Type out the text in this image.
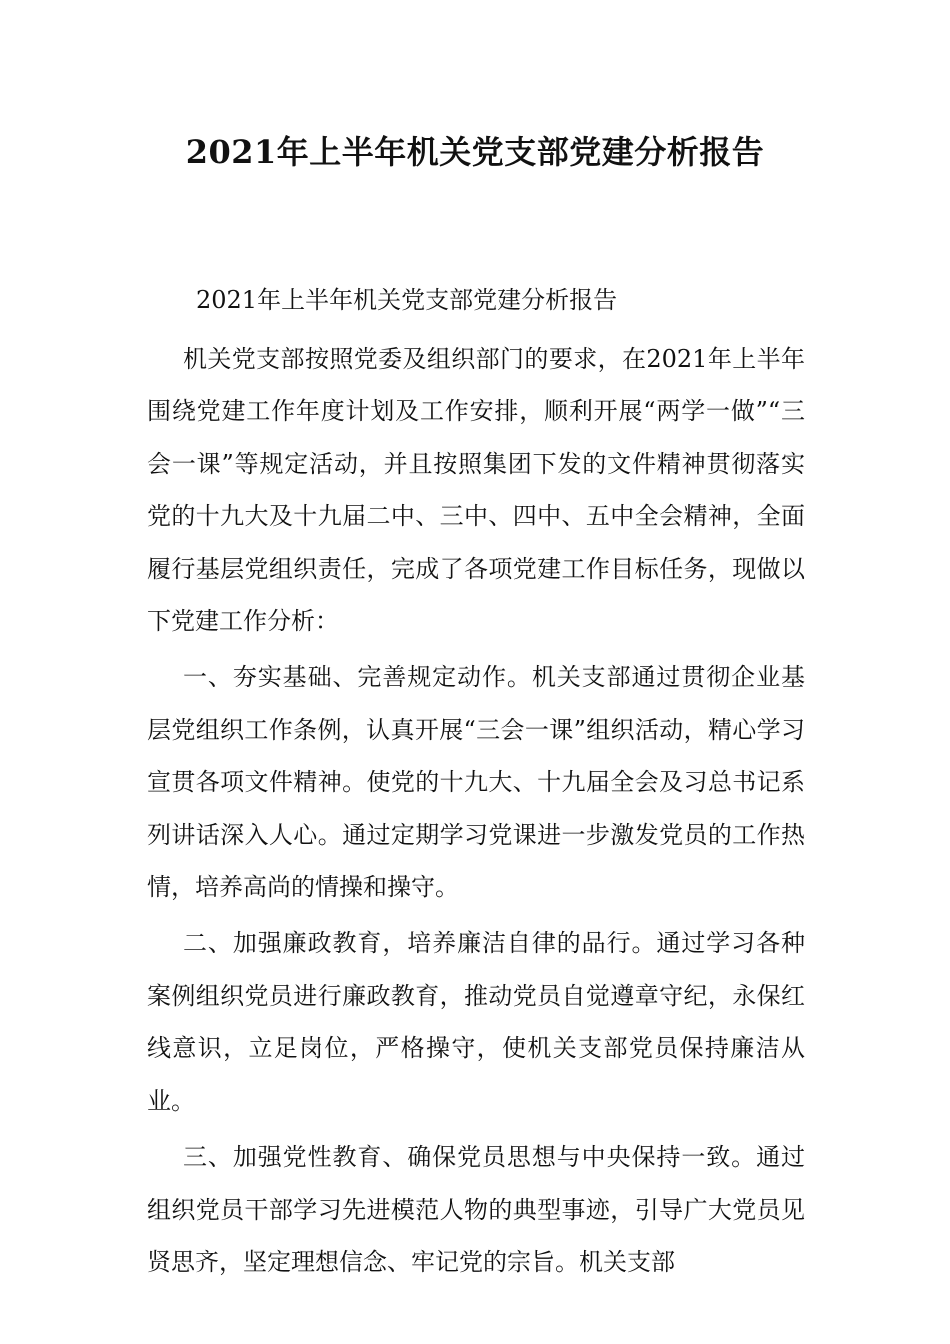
2021年上半年机关党支部党建分析报告
2021年上半年机关党支部党建分析报告

机关党支部按照党委及组织部门的要求，在2021年上半年围绕党建工作年度计划及工作安排，顺利开展“两学一做”“三会一课”等规定活动，并且按照集团下发的文件精神贯彻落实党的十九大及十九届二中、三中、四中、五中全会精神，全面履行基层党组织责任，完成了各项党建工作目标任务，现做以下党建工作分析：

一、夯实基础、完善规定动作。机关支部通过贯彻企业基层党组织工作条例，认真开展“三会一课”组织活动，精心学习宣贯各项文件精神。使党的十九大、十九届全会及习总书记系列讲话深入人心。通过定期学习党课进一步激发党员的工作热情，培养高尚的情操和操守。

二、加强廉政教育，培养廉洁自律的品行。通过学习各种案例组织党员进行廉政教育，推动党员自觉遵章守纪，永保红线意识，立足岗位，严格操守，使机关支部党员保持廉洁从业。

三、加强党性教育、确保党员思想与中央保持一致。通过组织党员干部学习先进模范人物的典型事迹，引导广大党员见贤思齐，坚定理想信念、牢记党的宗旨。机关支部
